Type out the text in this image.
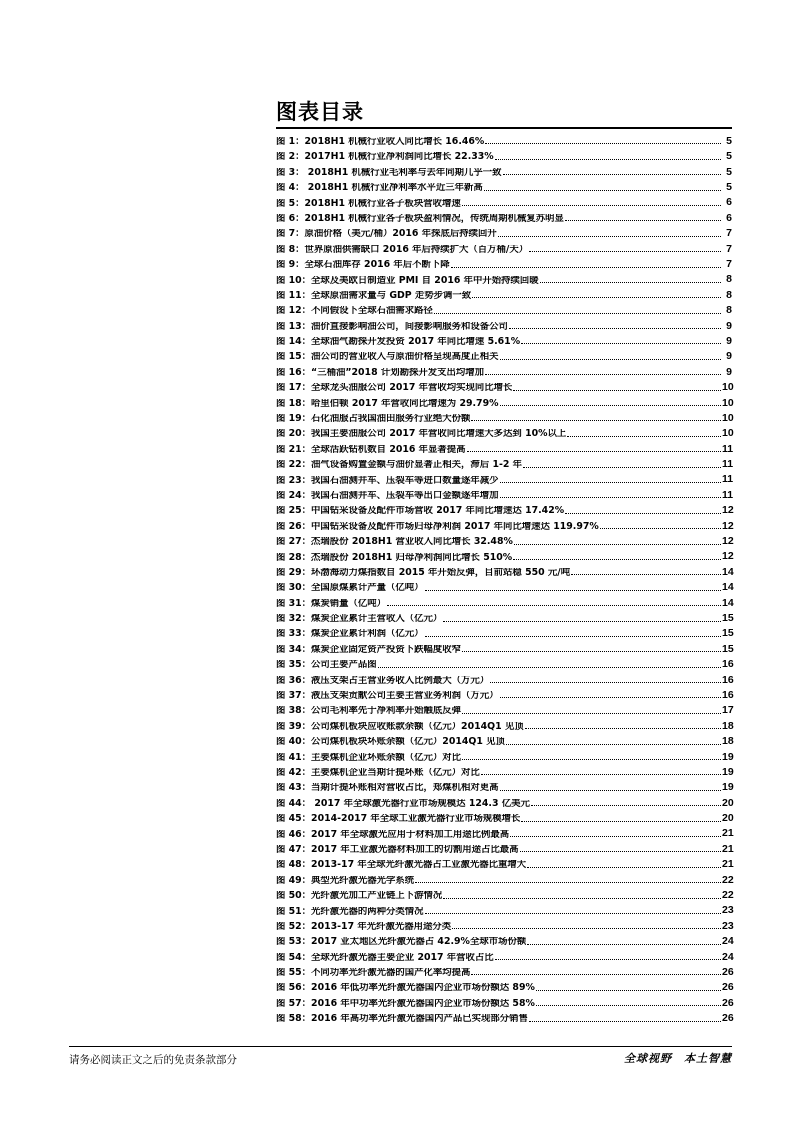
图表目录
图 1：2018H1 机械行业收入同比增长 16.46%	5
图 2：2017H1 机械行业净利润同比增长 22.33%	5
图 3： 2018H1 机械行业毛利率与去年同期几乎一致	5
图 4： 2018H1 机械行业净利率水平近三年新高	5
图 5：2018H1 机械行业各子板块营收增速	6
图 6：2018H1 机械行业各子板块盈利情况，传统周期机械复苏明显	6
图 7：原油价格（美元/桶）2016 年探底后持续回升	7
图 8：世界原油供需缺口 2016 年后持续扩大（百万桶/天）	7
图 9：全球石油库存 2016 年后不断下降	7
图 10：全球及美欧日制造业 PMI 自 2016 年中开始持续回暖	8
图 11：全球原油需求量与 GDP 走势步调一致	8
图 12：不同假设下全球石油需求路径	8
图 13：油价直接影响油公司，间接影响服务和设备公司	9
图 14：全球油气勘探开发投资 2017 年同比增速 5.61%	9
图 15：油公司的营业收入与原油价格呈现高度正相关	9
图 16：“三桶油”2018 计划勘探开发支出均增加	9
图 17：全球龙头油服公司 2017 年营收均实现同比增长	10
图 18：哈里伯顿 2017 年营收同比增速为 29.79%	10
图 19：石化油服占我国油田服务行业绝大份额	10
图 20：我国主要油服公司 2017 年营收同比增速大多达到 10%以上	10
图 21：全球活跃钻机数自 2016 年显著提高	11
图 22：油气设备购置金额与油价显著正相关，滞后 1-2 年	11
图 23：我国石油测井车、压裂车等进口数量逐年减少	11
图 24：我国石油测井车、压裂车等出口金额逐年增加	11
图 25：中国钻采设备及配件市场营收 2017 年同比增速达 17.42%	12
图 26：中国钻采设备及配件市场归母净利润 2017 年同比增速达 119.97%	12
图 27：杰瑞股份 2018H1 营业收入同比增长 32.48%	12
图 28：杰瑞股份 2018H1 归母净利润同比增长 510%	12
图 29：环渤海动力煤指数自 2015 年开始反弹，目前站稳 550 元/吨	14
图 30：全国原煤累计产量（亿吨）	14
图 31：煤炭销量（亿吨）	14
图 32：煤炭企业累计主营收入（亿元）	15
图 33：煤炭企业累计利润（亿元）	15
图 34：煤炭企业固定资产投资下跌幅度收窄	15
图 35：公司主要产品图	16
图 36：液压支架占主营业务收入比例最大（万元）	16
图 37：液压支架贡献公司主要主营业务利润（万元）	16
图 38：公司毛利率先于净利率开始触底反弹	17
图 39：公司煤机板块应收账款余额（亿元）2014Q1 见顶	18
图 40：公司煤机板块坏账余额（亿元）2014Q1 见顶	18
图 41：主要煤机企业坏账余额（亿元）对比	19
图 42：主要煤机企业当期计提坏账（亿元）对比	19
图 43：当期计提坏账相对营收占比，郑煤机相对更高	19
图 44： 2017 年全球激光器行业市场规模达 124.3 亿美元	20
图 45：2014-2017 年全球工业激光器行业市场规模增长	20
图 46：2017 年全球激光应用于材料加工用途比例最高	21
图 47：2017 年工业激光器材料加工的切割用途占比最高	21
图 48：2013-17 年全球光纤激光器占工业激光器比重增大	21
图 49：典型光纤激光器光学系统	22
图 50：光纤激光加工产业链上下游情况	22
图 51：光纤激光器的两种分类情况	23
图 52：2013-17 年光纤激光器用途分类	23
图 53：2017 亚太地区光纤激光器占 42.9%全球市场份额	24
图 54：全球光纤激光器主要企业 2017 年营收占比	24
图 55：不同功率光纤激光器的国产化率均提高	26
图 56：2016 年低功率光纤激光器国内企业市场份额达 89%	26
图 57：2016 年中功率光纤激光器国内企业市场份额达 58%	26
图 58：2016 年高功率光纤激光器国内产品已实现部分销售	26
请务必阅读正文之后的免责条款部分	全球视野 本土智慧
